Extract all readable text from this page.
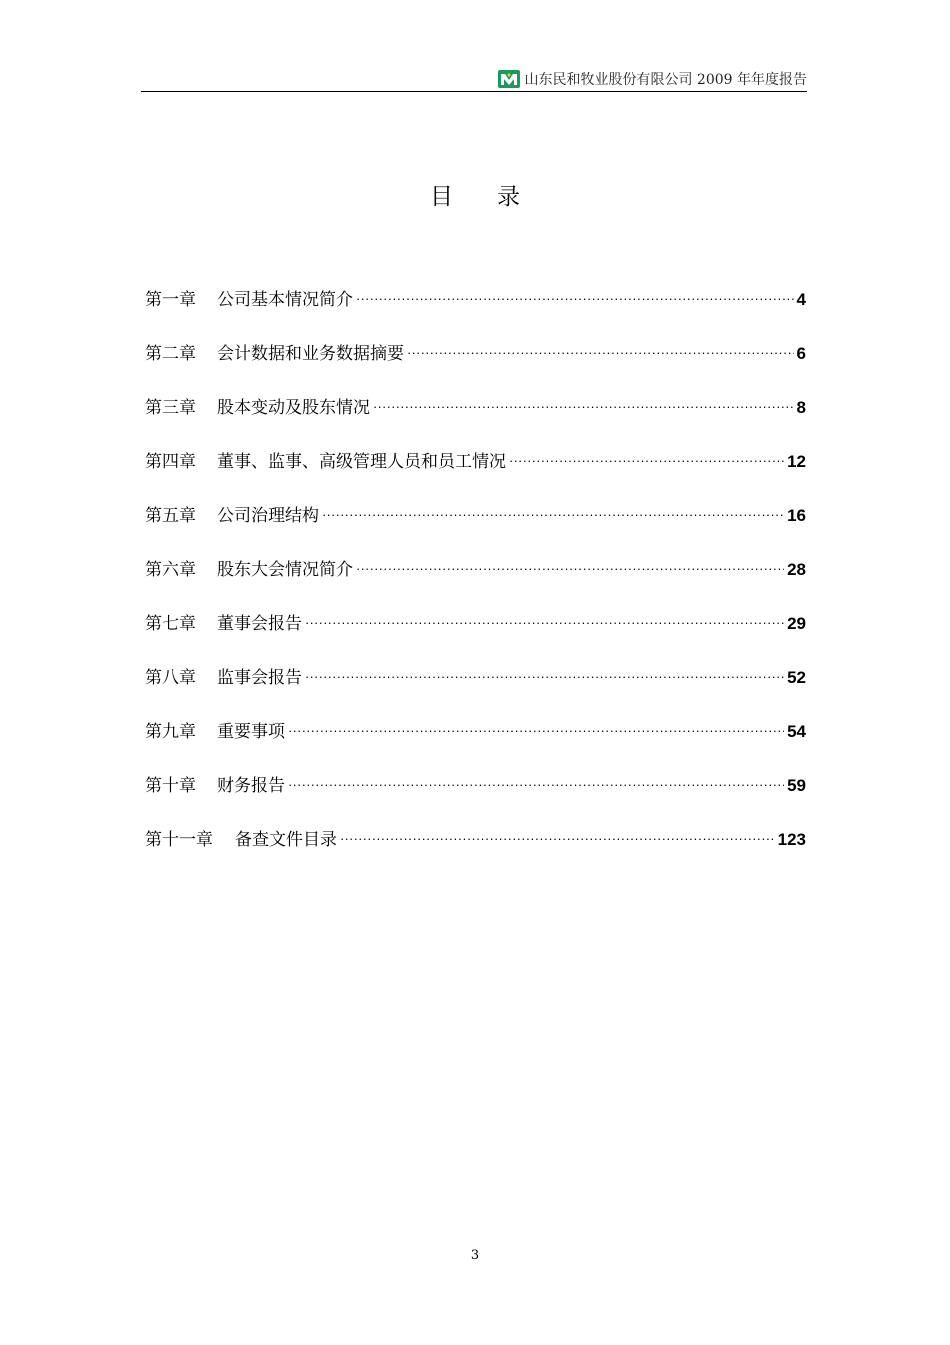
山东民和牧业股份有限公司 2009 年年度报告
目录
第一章 公司基本情况简介 ·····	4
第二章 会计数据和业务数据摘要 ·····	6
第三章 股本变动及股东情况 ·····	8
第四章 董事、监事、高级管理人员和员工情况 ·····	12
第五章 公司治理结构 ·····	16
第六章 股东大会情况简介 ·····	28
第七章 董事会报告 ·····	29
第八章 监事会报告 ·····	52
第九章 重要事项 ·····	54
第十章 财务报告 ·····	59
第十一章 备查文件目录 ·····	123
3
